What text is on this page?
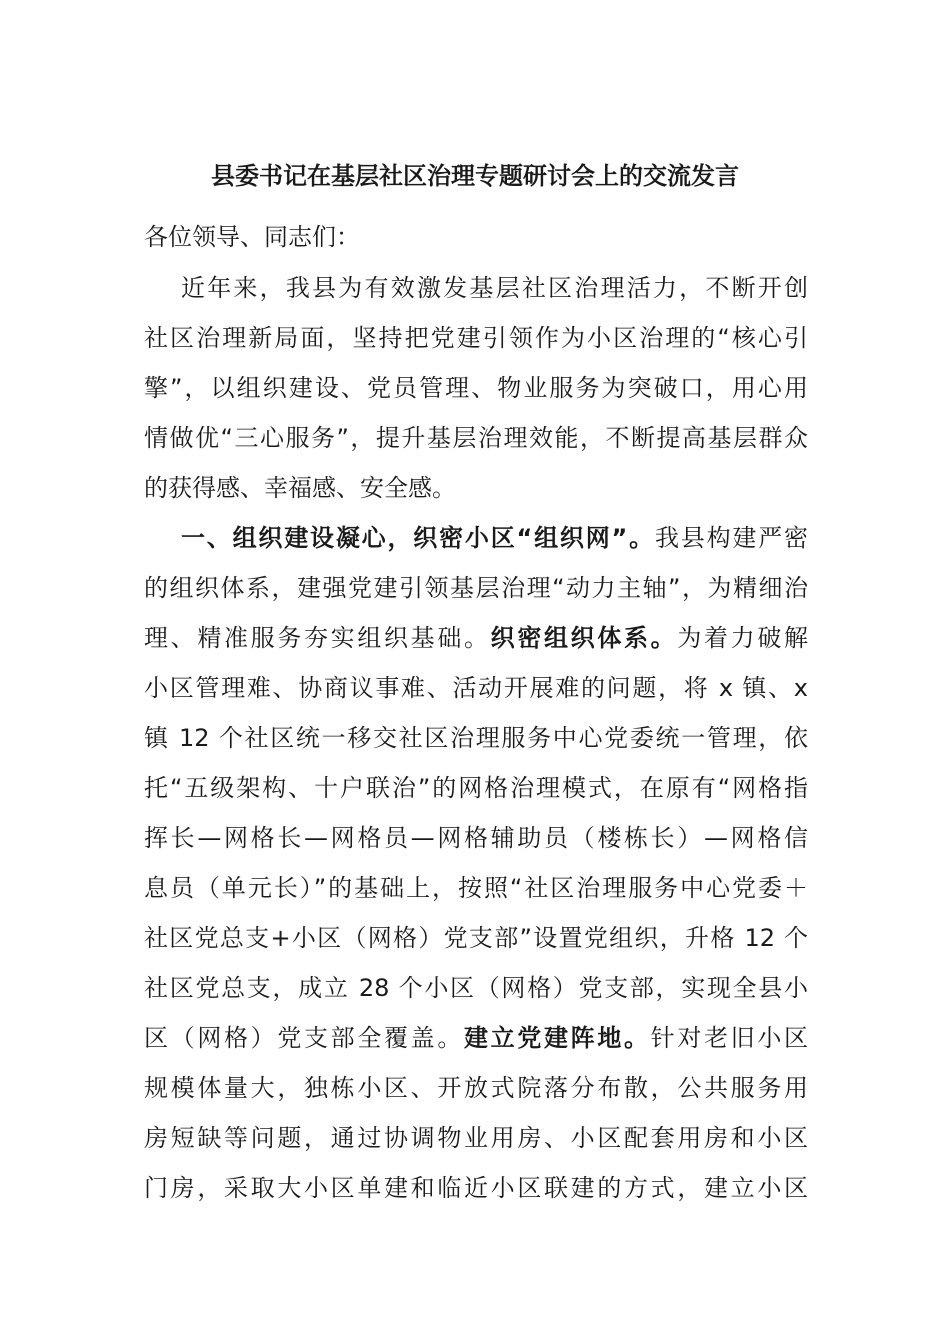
县委书记在基层社区治理专题研讨会上的交流发言
各位领导、同志们：
近年来，我县为有效激发基层社区治理活力，不断开创
社区治理新局面，坚持把党建引领作为小区治理的“核心引
擎”，以组织建设、党员管理、物业服务为突破口，用心用
情做优“三心服务”，提升基层治理效能，不断提高基层群众
的获得感、幸福感、安全感。
一、组织建设凝心，织密小区“组织网”。我县构建严密
的组织体系，建强党建引领基层治理“动力主轴”，为精细治
理、精准服务夯实组织基础。织密组织体系。为着力破解
小区管理难、协商议事难、活动开展难的问题，将 x 镇、x
镇 12 个社区统一移交社区治理服务中心党委统一管理，依
托“五级架构、十户联治”的网格治理模式，在原有“网格指
挥长—网格长—网格员—网格辅助员（楼栋长）—网格信
息员（单元长）”的基础上，按照“社区治理服务中心党委＋
社区党总支+小区（网格）党支部”设置党组织，升格 12 个
社区党总支，成立 28 个小区（网格）党支部，实现全县小
区（网格）党支部全覆盖。建立党建阵地。针对老旧小区
规模体量大，独栋小区、开放式院落分布散，公共服务用
房短缺等问题，通过协调物业用房、小区配套用房和小区
门房，采取大小区单建和临近小区联建的方式，建立小区
